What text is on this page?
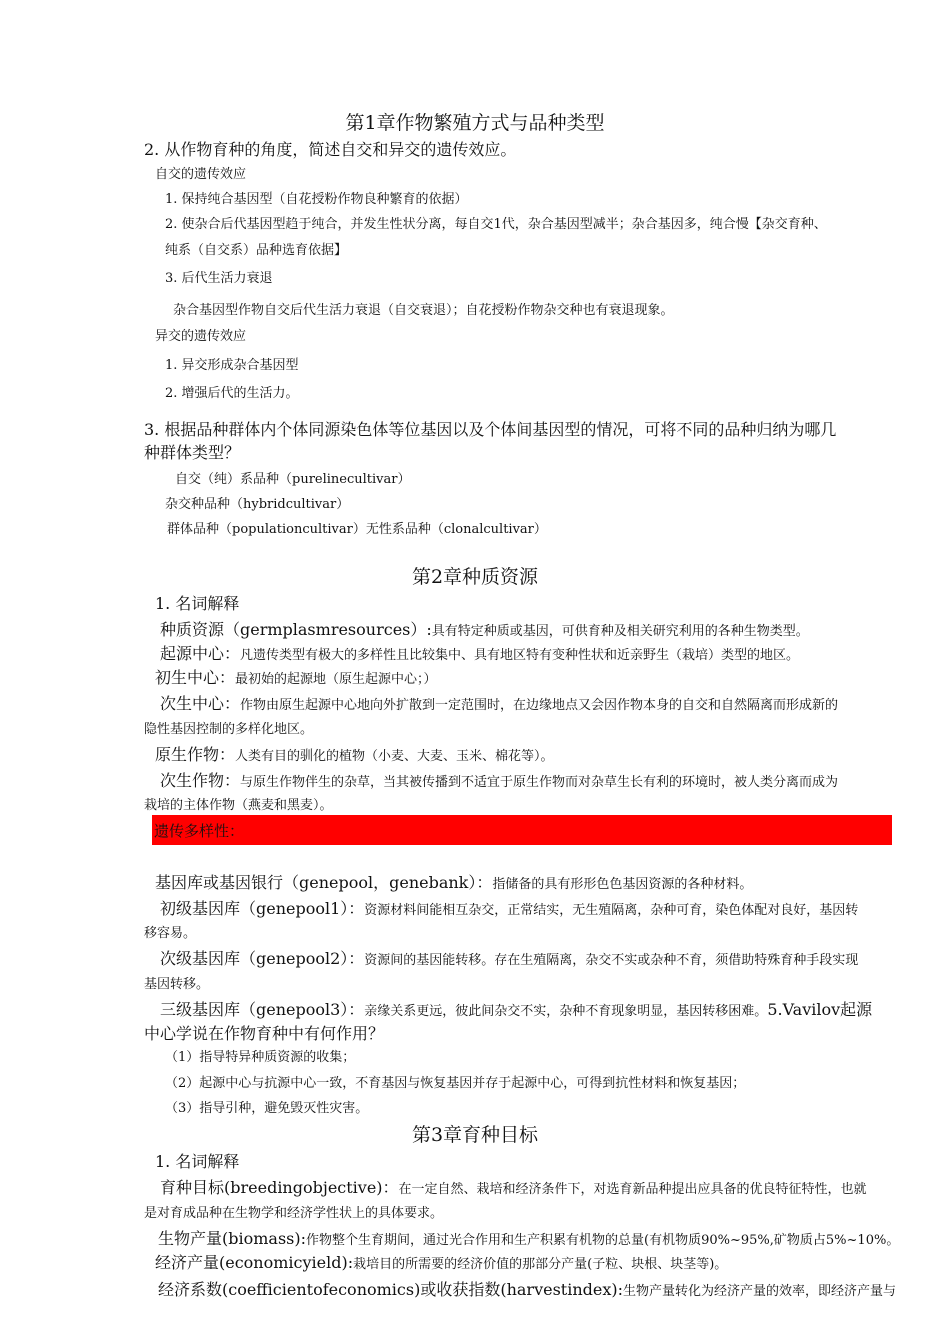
第1章作物繁殖方式与品种类型
2. 从作物育种的角度，简述自交和异交的遗传效应。
自交的遗传效应
1. 保持纯合基因型（自花授粉作物良种繁育的依据）
2. 使杂合后代基因型趋于纯合，并发生性状分离，每自交1代，杂合基因型减半；杂合基因多，纯合慢【杂交育种、
纯系（自交系）品种选育依据】
3. 后代生活力衰退
杂合基因型作物自交后代生活力衰退（自交衰退）；自花授粉作物杂交种也有衰退现象。
异交的遗传效应
1. 异交形成杂合基因型
2. 增强后代的生活力。
3. 根据品种群体内个体同源染色体等位基因以及个体间基因型的情况，可将不同的品种归纳为哪几
种群体类型？
自交（纯）系品种（purelinecultivar）
杂交种品种（hybridcultivar）
群体品种（populationcultivar）无性系品种（clonalcultivar）
第2章种质资源
1. 名词解释
种质资源（germplasmresources）:具有特定种质或基因，可供育种及相关研究利用的各种生物类型。
起源中心：凡遗传类型有极大的多样性且比较集中、具有地区特有变种性状和近亲野生（栽培）类型的地区。
初生中心：最初始的起源地（原生起源中心；）
次生中心：作物由原生起源中心地向外扩散到一定范围时，在边缘地点又会因作物本身的自交和自然隔离而形成新的
隐性基因控制的多样化地区。
原生作物：人类有目的驯化的植物（小麦、大麦、玉米、棉花等）。
次生作物：与原生作物伴生的杂草，当其被传播到不适宜于原生作物而对杂草生长有利的环境时，被人类分离而成为
栽培的主体作物（燕麦和黑麦）。
遗传多样性：
基因库或基因银行（genepool，genebank）：指储备的具有形形色色基因资源的各种材料。
初级基因库（genepool1）：资源材料间能相互杂交，正常结实，无生殖隔离，杂种可育，染色体配对良好，基因转
移容易。
次级基因库（genepool2）：资源间的基因能转移。存在生殖隔离，杂交不实或杂种不育，须借助特殊育种手段实现
基因转移。
三级基因库（genepool3）：亲缘关系更远，彼此间杂交不实，杂种不育现象明显，基因转移困难。5.Vavilov起源
中心学说在作物育种中有何作用？
（1）指导特异种质资源的收集；
（2）起源中心与抗源中心一致，不育基因与恢复基因并存于起源中心，可得到抗性材料和恢复基因；
（3）指导引种，避免毁灭性灾害。
第3章育种目标
1. 名词解释
育种目标(breedingobjective)：在一定自然、栽培和经济条件下，对选育新品种提出应具备的优良特征特性，也就
是对育成品种在生物学和经济学性状上的具体要求。
生物产量(biomass):作物整个生育期间，通过光合作用和生产积累有机物的总量(有机物质90%~95%,矿物质占5%~10%。
经济产量(economicyield):栽培目的所需要的经济价值的那部分产量(子粒、块根、块茎等)。
经济系数(coefficientofeconomics)或收获指数(harvestindex):生物产量转化为经济产量的效率，即经济产量与
